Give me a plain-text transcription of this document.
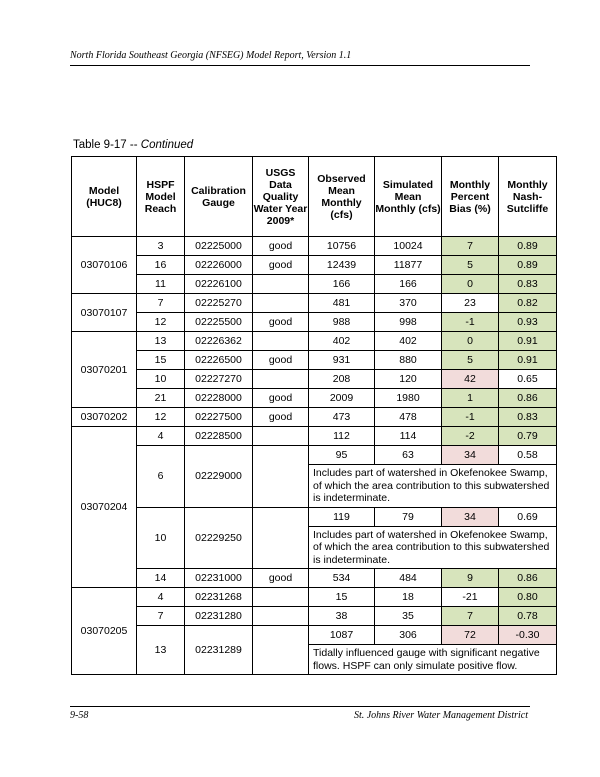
North Florida Southeast Georgia (NFSEG) Model Report, Version 1.1
Table 9-17 -- Continued
Model (HUC8)	HSPF Model Reach	Calibration Gauge	USGS Data Quality Water Year 2009*	Observed Mean Monthly (cfs)	Simulated Mean Monthly (cfs)	Monthly Percent Bias (%)	Monthly Nash-Sutcliffe
03070106	3	02225000	good	10756	10024	7	0.89
	16	02226000	good	12439	11877	5	0.89
	11	02226100		166	166	0	0.83
03070107	7	02225270		481	370	23	0.82
	12	02225500	good	988	998	-1	0.93
03070201	13	02226362		402	402	0	0.91
	15	02226500	good	931	880	5	0.91
	10	02227270		208	120	42	0.65
	21	02228000	good	2009	1980	1	0.86
03070202	12	02227500	good	473	478	-1	0.83
03070204	4	02228500		112	114	-2	0.79
	6	02229000		95	63	34	0.58
				Includes part of watershed in Okefenokee Swamp, of which the area contribution to this subwatershed is indeterminate.			
	10	02229250		119	79	34	0.69
				Includes part of watershed in Okefenokee Swamp, of which the area contribution to this subwatershed is indeterminate.			
	14	02231000	good	534	484	9	0.86
03070205	4	02231268		15	18	-21	0.80
	7	02231280		38	35	7	0.78
	13	02231289		1087	306	72	-0.30
				Tidally influenced gauge with significant negative flows. HSPF can only simulate positive flow.			
9-58	St. Johns River Water Management District
